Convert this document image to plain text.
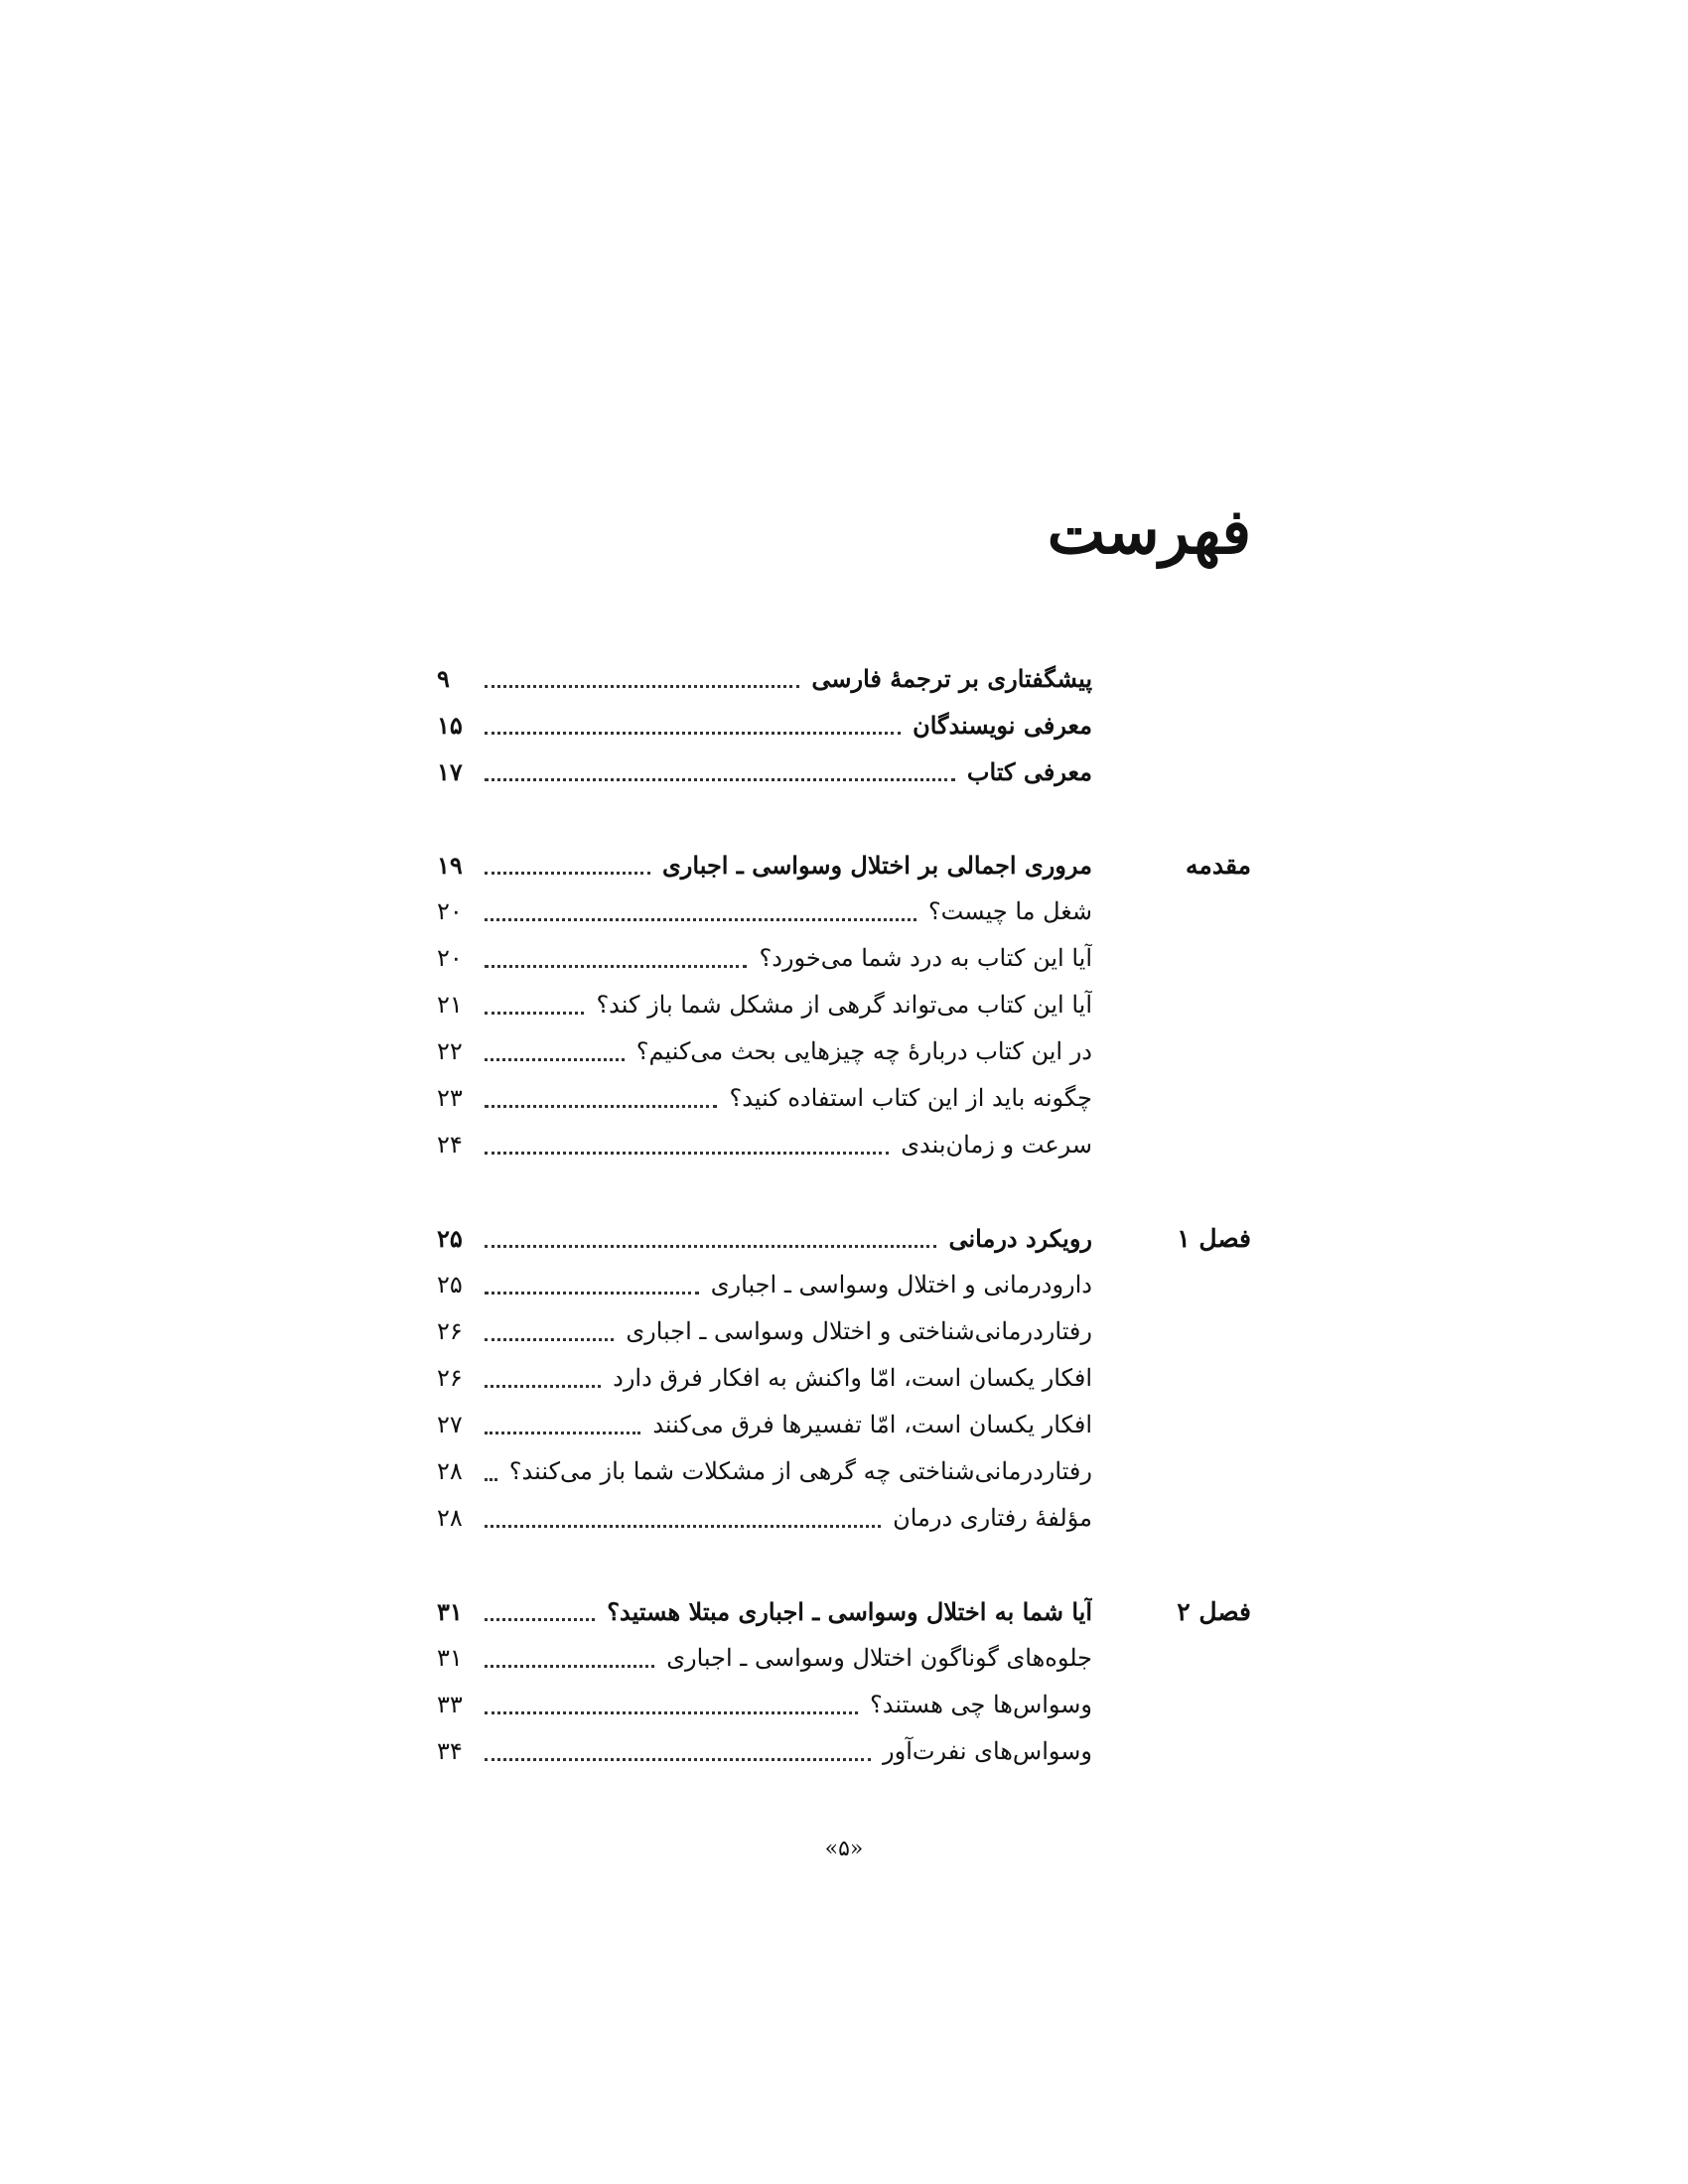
فهرست
پیشگفتاری بر ترجمهٔ فارسی
۹
معرفی نویسندگان
۱۵
معرفی کتاب
۱۷
مقدمه
مروری اجمالی بر اختلال وسواسی ـ اجباری
۱۹
شغل ما چیست؟
۲۰
آیا این کتاب به درد شما می‌خورد؟
۲۰
آیا این کتاب می‌تواند گرهی از مشکل شما باز کند؟
۲۱
در این کتاب دربارهٔ چه چیزهایی بحث می‌کنیم؟
۲۲
چگونه باید از این کتاب استفاده کنید؟
۲۳
سرعت و زمان‌بندی
۲۴
فصل ۱
رویکرد درمانی
۲۵
دارودرمانی و اختلال وسواسی ـ اجباری
۲۵
رفتاردرمانی‌شناختی و اختلال وسواسی ـ اجباری
۲۶
افکار یکسان است، امّا واکنش به افکار فرق دارد
۲۶
افکار یکسان است، امّا تفسیرها فرق می‌کنند
۲۷
رفتاردرمانی‌شناختی چه گرهی از مشکلات شما باز می‌کنند؟
۲۸
مؤلفهٔ رفتاری درمان
۲۸
فصل ۲
آیا شما به اختلال وسواسی ـ اجباری مبتلا هستید؟
۳۱
جلوه‌های گوناگون اختلال وسواسی ـ اجباری
۳۱
وسواس‌ها چی هستند؟
۳۳
وسواس‌های نفرت‌آور
۳۴
«۵»
